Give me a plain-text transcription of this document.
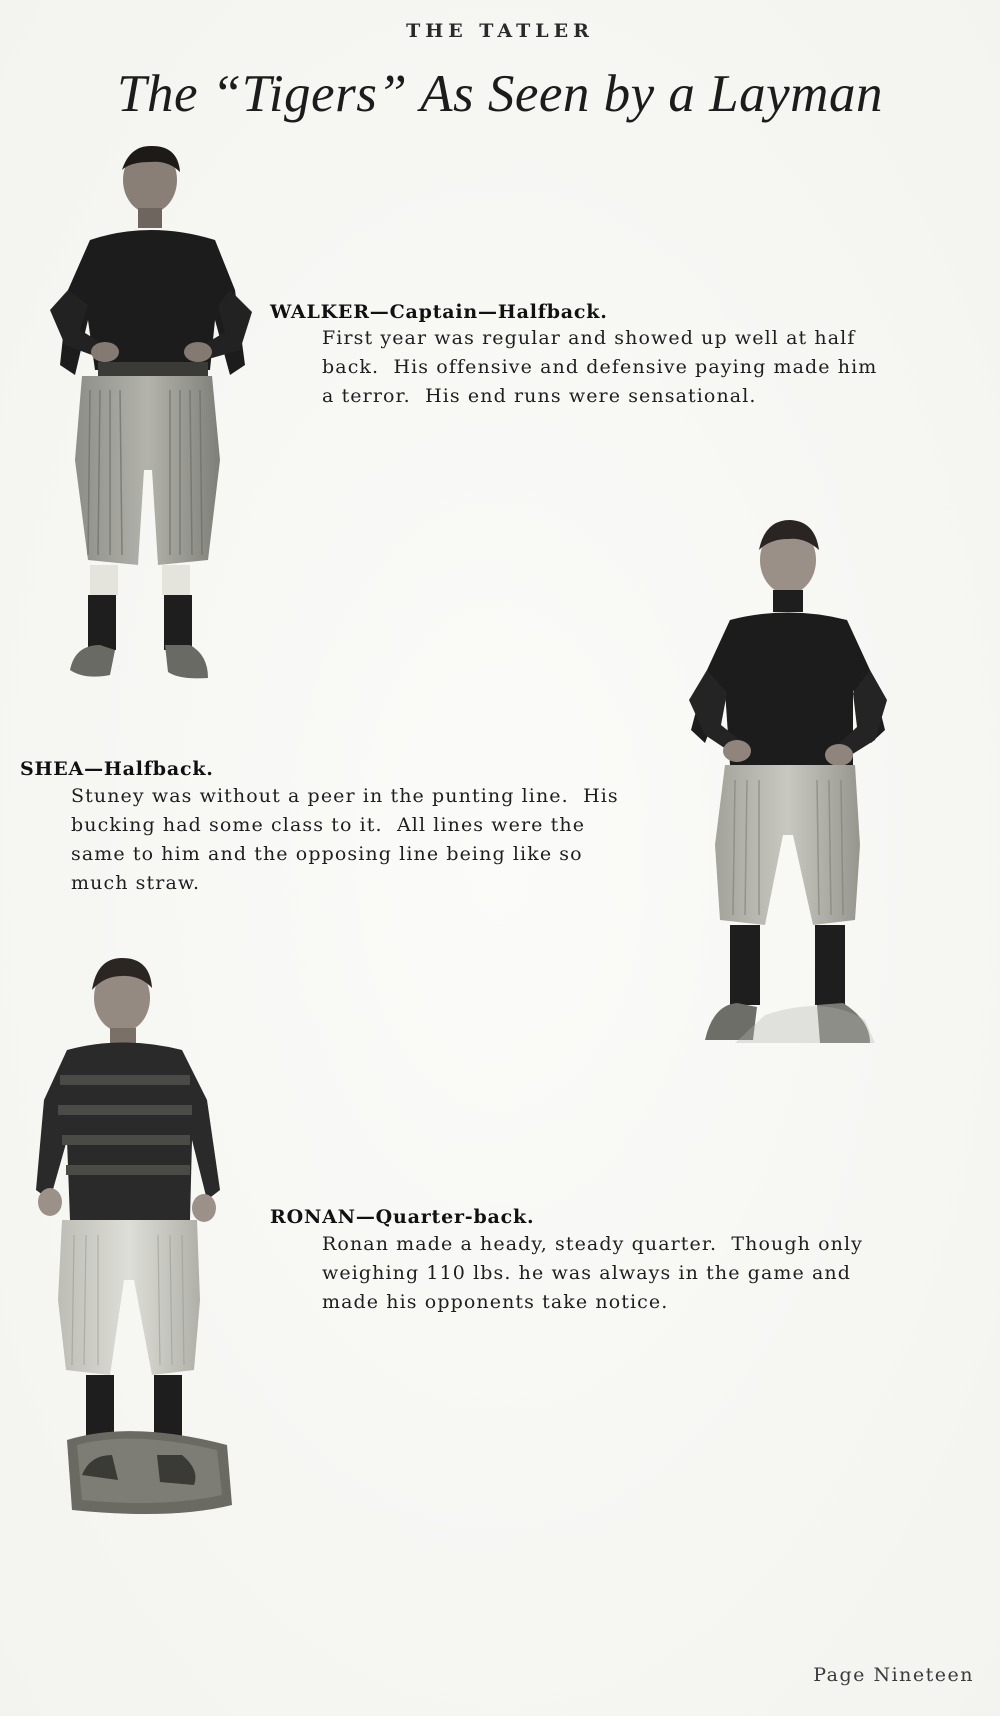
THE TATLER
The “Tigers” As Seen by a Layman
WALKER—Captain—Halfback.
First year was regular and showed up well at half
back.  His offensive and defensive paying made him
a terror.  His end runs were sensational.
SHEA—Halfback.
Stuney was without a peer in the punting line.  His
bucking had some class to it.  All lines were the
same to him and the opposing line being like so
much straw.
RONAN—Quarter-back.
Ronan made a heady, steady quarter.  Though only
weighing 110 lbs. he was always in the game and
made his opponents take notice.
Page Nineteen
